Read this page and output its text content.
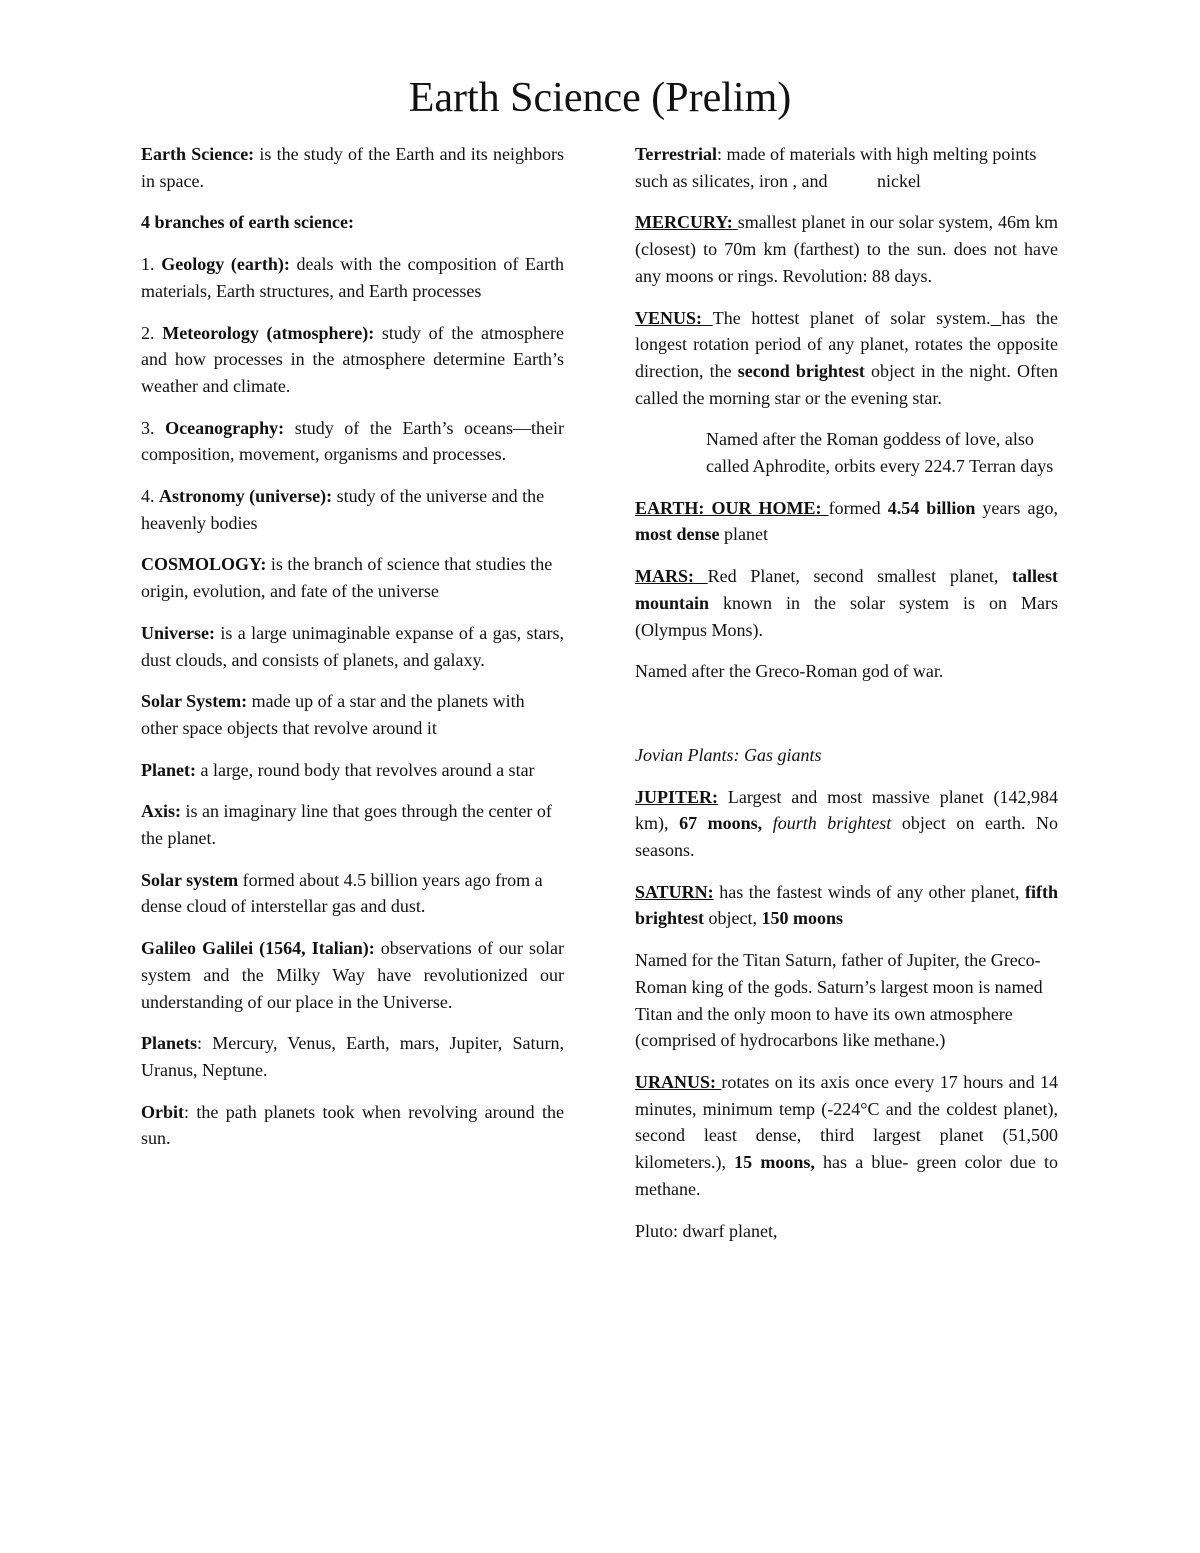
Earth Science (Prelim)

Earth Science: is the study of the Earth and its neighbors in space.

4 branches of earth science:

1. Geology (earth): deals with the composition of Earth materials, Earth structures, and Earth processes

2. Meteorology (atmosphere): study of the atmosphere and how processes in the atmosphere determine Earth’s weather and climate.

3. Oceanography: study of the Earth’s oceans—their composition, movement, organisms and processes.

4. Astronomy (universe): study of the universe and the heavenly bodies

COSMOLOGY: is the branch of science that studies the origin, evolution, and fate of the universe

Universe: is a large unimaginable expanse of a gas, stars, dust clouds, and consists of planets, and galaxy.

Solar System: made up of a star and the planets with other space objects that revolve around it

Planet: a large, round body that revolves around a star

Axis: is an imaginary line that goes through the center of the planet.

Solar system formed about 4.5 billion years ago from a dense cloud of interstellar gas and dust.

Galileo Galilei (1564, Italian): observations of our solar system and the Milky Way have revolutionized our understanding of our place in the Universe.

Planets: Mercury, Venus, Earth, mars, Jupiter, Saturn, Uranus, Neptune.

Orbit: the path planets took when revolving around the sun.

Terrestrial: made of materials with high melting points such as silicates, iron , and           nickel

MERCURY: smallest planet in our solar system, 46m km (closest) to 70m km (farthest) to the sun. does not have any moons or rings. Revolution: 88 days.

VENUS: The hottest planet of solar system. has the longest rotation period of any planet, rotates the opposite direction, the second brightest object in the night. Often called the morning star or the evening star.

Named after the Roman goddess of love, also called Aphrodite, orbits every 224.7 Terran days

EARTH: OUR HOME: formed 4.54 billion years ago, most dense planet

MARS: Red Planet, second smallest planet, tallest mountain known in the solar system is on Mars (Olympus Mons).

Named after the Greco-Roman god of war.

Jovian Plants: Gas giants

JUPITER: Largest and most massive planet (142,984 km), 67 moons, fourth brightest object on earth. No seasons.

SATURN: has the fastest winds of any other planet, fifth brightest object, 150 moons

Named for the Titan Saturn, father of Jupiter, the Greco-Roman king of the gods. Saturn’s largest moon is named Titan and the only moon to have its own atmosphere (comprised of hydrocarbons like methane.)

URANUS: rotates on its axis once every 17 hours and 14 minutes, minimum temp (-224°C and the coldest planet), second least dense, third largest planet (51,500 kilometers.), 15 moons, has a blue- green color due to methane.

Pluto: dwarf planet,
